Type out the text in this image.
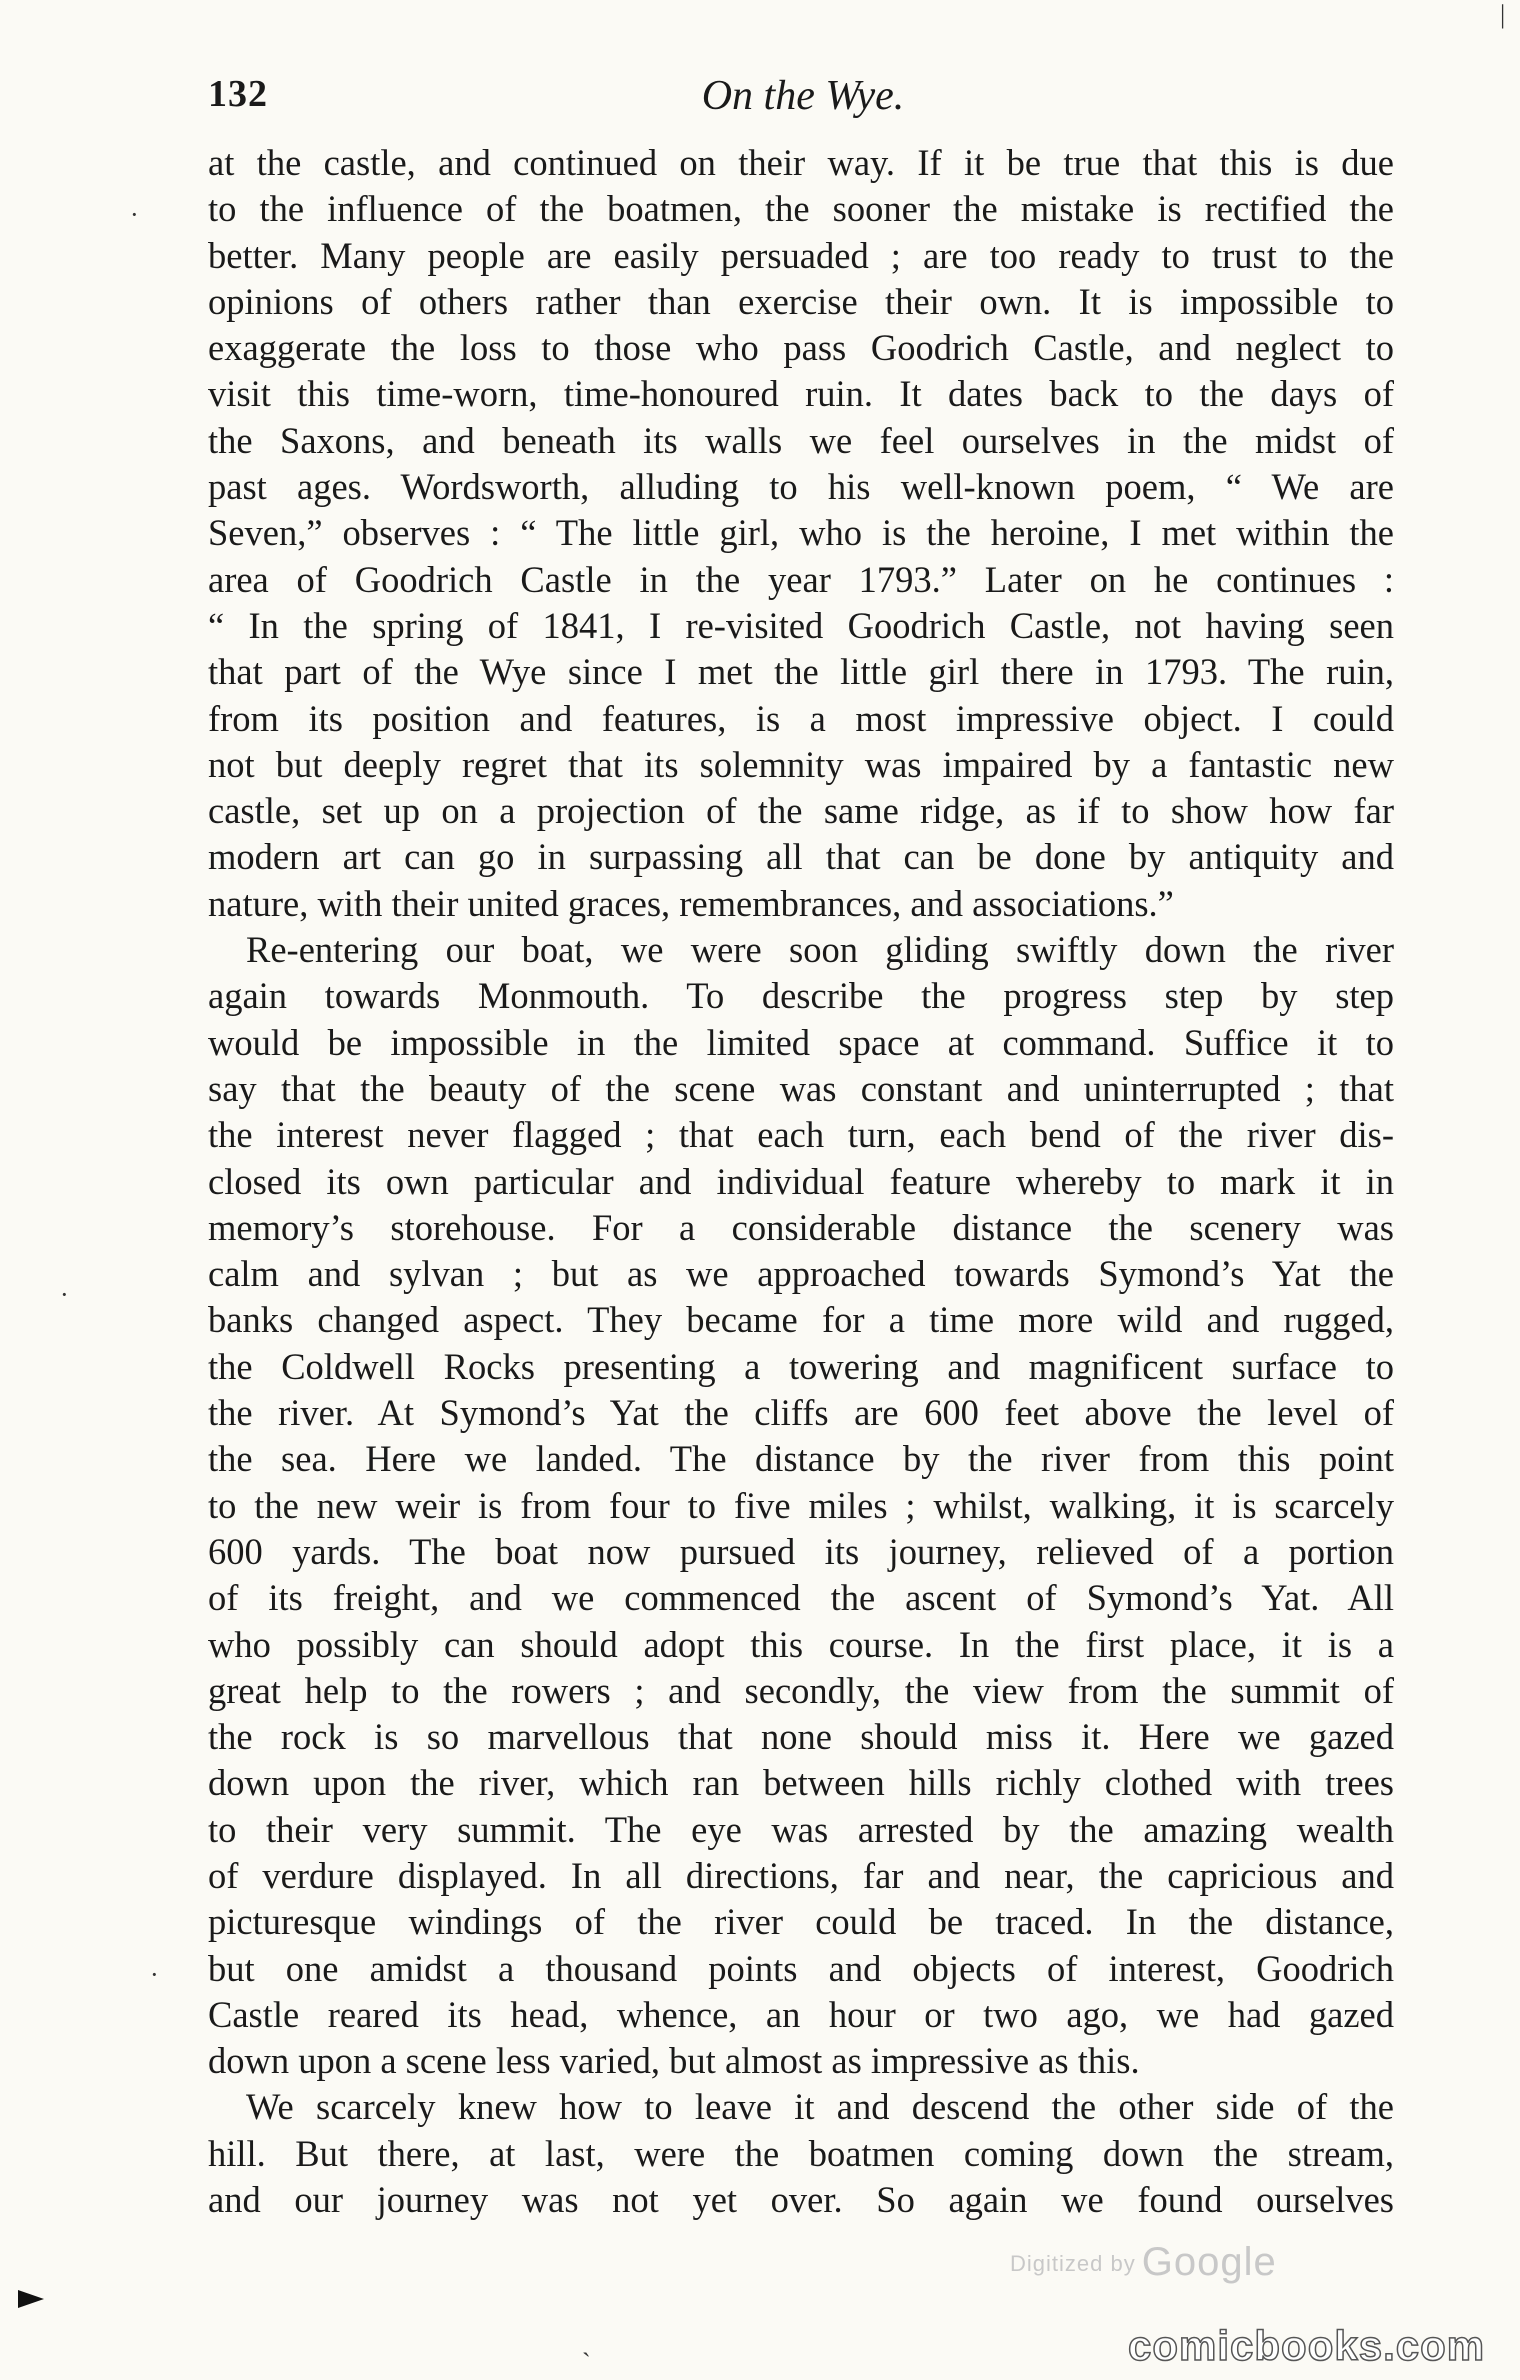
132	On the Wye.
at the castle, and continued on their way. If it be true that this is due
to the influence of the boatmen, the sooner the mistake is rectified the
better. Many people are easily persuaded ; are too ready to trust to the
opinions of others rather than exercise their own. It is impossible to
exaggerate the loss to those who pass Goodrich Castle, and neglect to
visit this time-worn, time-honoured ruin. It dates back to the days of
the Saxons, and beneath its walls we feel ourselves in the midst of
past ages. Wordsworth, alluding to his well-known poem, “ We are
Seven,” observes : “ The little girl, who is the heroine, I met within the
area of Goodrich Castle in the year 1793.” Later on he continues :
“ In the spring of 1841, I re-visited Goodrich Castle, not having seen
that part of the Wye since I met the little girl there in 1793. The ruin,
from its position and features, is a most impressive object. I could
not but deeply regret that its solemnity was impaired by a fantastic new
castle, set up on a projection of the same ridge, as if to show how far
modern art can go in surpassing all that can be done by antiquity and
nature, with their united graces, remembrances, and associations.”
Re-entering our boat, we were soon gliding swiftly down the river
again towards Monmouth. To describe the progress step by step
would be impossible in the limited space at command. Suffice it to
say that the beauty of the scene was constant and uninterrupted ; that
the interest never flagged ; that each turn, each bend of the river dis-
closed its own particular and individual feature whereby to mark it in
memory’s storehouse. For a considerable distance the scenery was
calm and sylvan ; but as we approached towards Symond’s Yat the
banks changed aspect. They became for a time more wild and rugged,
the Coldwell Rocks presenting a towering and magnificent surface to
the river. At Symond’s Yat the cliffs are 600 feet above the level of
the sea. Here we landed. The distance by the river from this point
to the new weir is from four to five miles ; whilst, walking, it is scarcely
600 yards. The boat now pursued its journey, relieved of a portion
of its freight, and we commenced the ascent of Symond’s Yat. All
who possibly can should adopt this course. In the first place, it is a
great help to the rowers ; and secondly, the view from the summit of
the rock is so marvellous that none should miss it. Here we gazed
down upon the river, which ran between hills richly clothed with trees
to their very summit. The eye was arrested by the amazing wealth
of verdure displayed. In all directions, far and near, the capricious and
picturesque windings of the river could be traced. In the distance,
but one amidst a thousand points and objects of interest, Goodrich
Castle reared its head, whence, an hour or two ago, we had gazed
down upon a scene less varied, but almost as impressive as this.
We scarcely knew how to leave it and descend the other side of the
hill. But there, at last, were the boatmen coming down the stream,
and our journey was not yet over. So again we found ourselves
·
|
·
·
ˎ
Digitized by Google
comicbooks.com
